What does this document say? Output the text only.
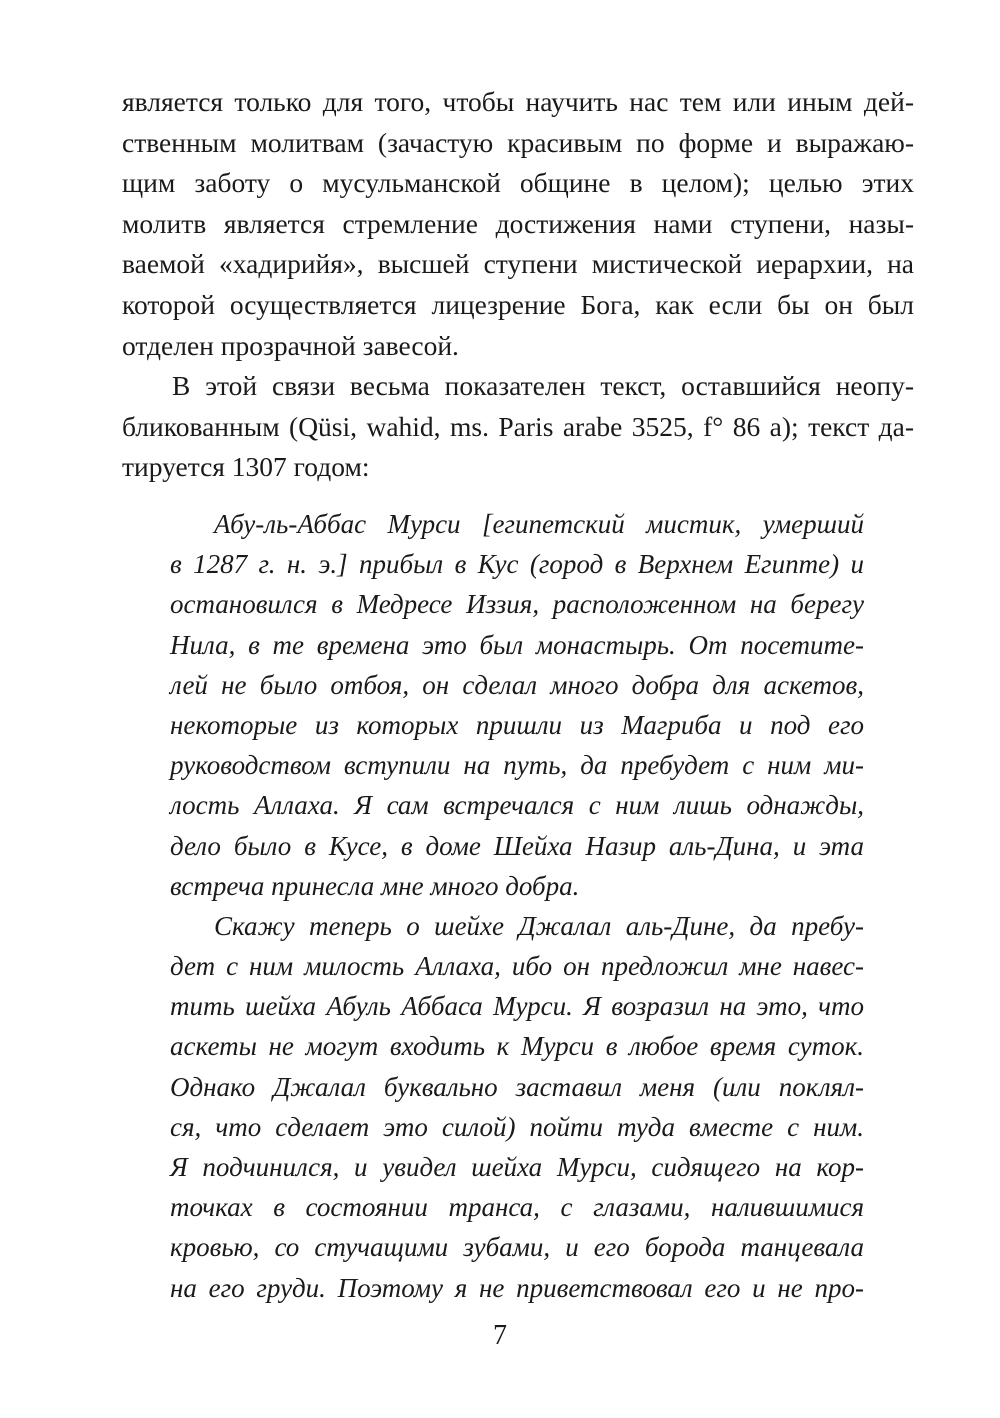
является только для того, чтобы научить нас тем или иным дей-
ственным молитвам (зачастую красивым по форме и выражаю-
щим заботу о мусульманской общине в целом); целью этих
молитв является стремление достижения нами ступени, назы-
ваемой «хадирийя», высшей ступени мистической иерархии, на
которой осуществляется лицезрение Бога, как если бы он был
отделен прозрачной завесой.
В этой связи весьма показателен текст, оставшийся неопу-
бликованным (Qüsi, wahid, ms. Paris arabe 3525, f° 86 a); текст да-
тируется 1307 годом:
Абу-ль-Аббас Мурси [египетский мистик, умерший
в 1287 г. н. э.] прибыл в Кус (город в Верхнем Египте) и
остановился в Медресе Иззия, расположенном на берегу
Нила, в те времена это был монастырь. От посетите-
лей не было отбоя, он сделал много добра для аскетов,
некоторые из которых пришли из Магриба и под его
руководством вступили на путь, да пребудет с ним ми-
лость Аллаха. Я сам встречался с ним лишь однажды,
дело было в Кусе, в доме Шейха Назир аль-Дина, и эта
встреча принесла мне много добра.
Скажу теперь о шейхе Джалал аль-Дине, да пребу-
дет с ним милость Аллаха, ибо он предложил мне навес-
тить шейха Абуль Аббаса Мурси. Я возразил на это, что
аскеты не могут входить к Мурси в любое время суток.
Однако Джалал буквально заставил меня (или поклял-
ся, что сделает это силой) пойти туда вместе с ним.
Я подчинился, и увидел шейха Мурси, сидящего на кор-
точках в состоянии транса, с глазами, налившимися
кровью, со стучащими зубами, и его борода танцевала
на его груди. Поэтому я не приветствовал его и не про-
7
